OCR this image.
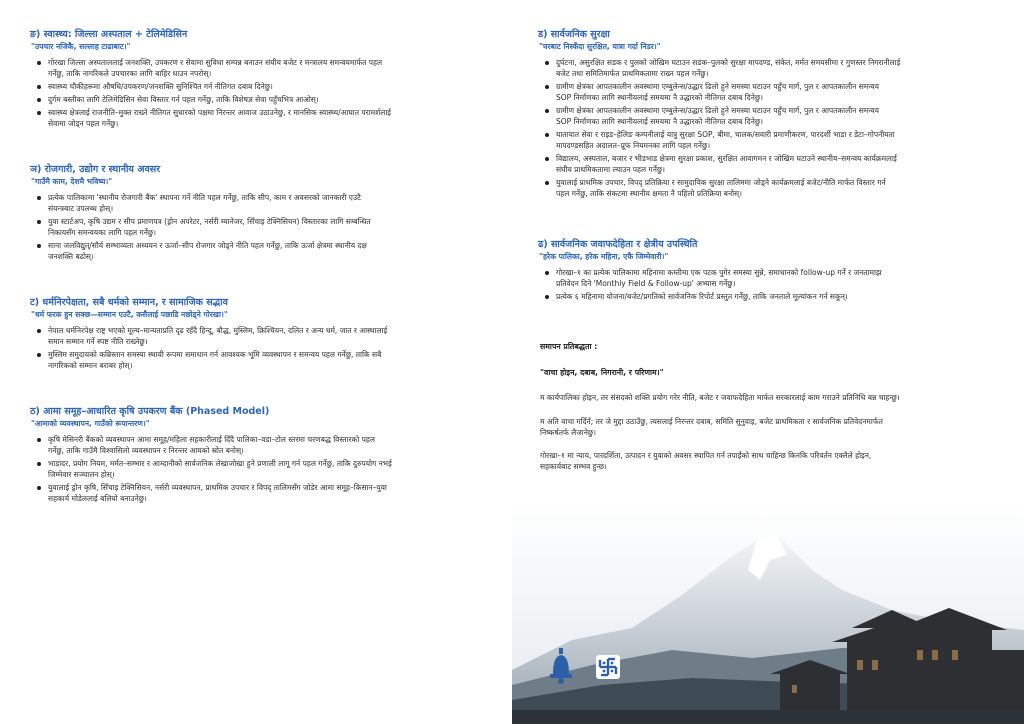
ङ) स्वास्थ्य: जिल्ला अस्पताल + टेलिमेडिसिन
"उपचार नजिकै, सल्लाह टाढाबाट।"
गोरखा जिल्ला अस्पताललाई जनशक्ति, उपकरण र सेवामा सुविधा सम्पन्न बनाउन संघीय बजेट र मन्त्रालय समन्वयमार्फत पहल
गर्नेछु, ताकि नागरिकले उपचारका लागि बाहिर धाउन नपरोस्।
स्वास्थ्य चौकीहरूमा औषधि/उपकरण/जनशक्ति सुनिश्चित गर्न नीतिगत दबाब दिनेछु।
दुर्गम बस्तीका लागि टेलिमेडिसिन सेवा विस्तार गर्न पहल गर्नेछु, ताकि विशेषज्ञ सेवा पहुँचभित्र आओस्।
स्वास्थ्य क्षेत्रलाई राजनीति–मुक्त राख्ने नीतिगत सुधारको पक्षमा निरन्तर आवाज उठाउनेछु, र मानसिक स्वास्थ्य/आघात परामर्शलाई
सेवामा जोड्न पहल गर्नेछु।
ञ) रोजगारी, उद्योग र स्थानीय अवसर
"गाउँमै काम, देशमै भविष्य।"
प्रत्येक पालिकामा 'स्थानीय रोजगारी बैंक' स्थापना गर्ने नीति पहल गर्नेछु, ताकि सीप, काम र अवसरको जानकारी एउटै
संयन्त्रबाट उपलब्ध होस्।
युवा स्टार्टअप, कृषि उद्यम र सीप प्रमाणपत्र (ड्रोन अपरेटर, नर्सरी म्यानेजर, सिँचाइ टेक्निसियन) विस्तारका लागि सम्बन्धित
निकायसँग समन्वयका लागि पहल गर्नेछु।
साना जलविद्युत्/सौर्य सम्भाव्यता अध्ययन र ऊर्जा–सीप रोजगार जोड्ने नीति पहल गर्नेछु, ताकि ऊर्जा क्षेत्रमा स्थानीय दक्ष
जनशक्ति बढोस्।
ट) धर्मनिरपेक्षता, सबै धर्मको सम्मान, र सामाजिक सद्भाव
"धर्म फरक हुन सक्छ—सम्मान एउटै, कसैलाई पछाडि नछोड्ने गोरखा।"
नेपाल धर्मनिरपेक्ष राष्ट्र भएको मूल्य–मान्यताप्रति दृढ रहँदै हिन्दू, बौद्ध, मुस्लिम, क्रिश्चियन, दलित र अन्य धर्म, जात र आस्थालाई
समान सम्मान गर्ने स्पष्ट नीति राख्नेछु।
मुस्लिम समुदायको कब्रिस्तान समस्या स्थायी रूपमा समाधान गर्न आवश्यक भूमि व्यवस्थापन र समन्वय पहल गर्नेछु, ताकि सबै
नागरिकको सम्मान बराबर होस्।
ठ) आमा समूह–आधारित कृषि उपकरण बैंक (Phased Model)
"आमाको व्यवस्थापन, गाउँको रूपान्तरण।"
कृषि मेसिनरी बैंकको व्यवस्थापन आमा समूह/महिला सहकारीलाई दिँदै पालिका–वडा–टोल स्तरमा चरणबद्ध विस्तारको पहल
गर्नेछु, ताकि गाउँमै विश्वासिलो व्यवस्थापन र निरन्तर आयको स्रोत बनोस्।
भाडादर, प्रयोग नियम, मर्मत–सम्भार र आम्दानीको सार्वजनिक लेखाजोखा हुने प्रणाली लागू गर्न पहल गर्नेछु, ताकि दुरुपयोग नभई
जिम्मेवार सञ्चालन होस्।
युवालाई ड्रोन कृषि, सिँचाइ टेक्निसियन, नर्सरी व्यवस्थापन, प्राथमिक उपचार र विपद् तालिमसँग जोडेर आमा समूह–किसान–युवा
सहकार्य मोडेललाई बलियो बनाउनेछु।
ड) सार्वजनिक सुरक्षा
"घरबाट निस्कँदा सुरक्षित, यात्रा गर्दा निडर।"
दुर्घटना, असुरक्षित सडक र पुलको जोखिम घटाउन सडक–पुलको सुरक्षा मापदण्ड, संकेत, मर्मत समयसीमा र गुणस्तर निगरानीलाई
बजेट तथा समितिमार्फत प्राथमिकतामा राख्न पहल गर्नेछु।
ग्रामीण क्षेत्रका आपतकालीन अवस्थामा एम्बुलेन्स/उद्धार ढिलो हुने समस्या घटाउन पहुँच मार्ग, पुल र आपतकालीन समन्वय
SOP निर्माणका लागि स्थानीयलाई समयमा नै उद्धारको नीतिगत दबाब दिनेछु।
ग्रामीण क्षेत्रका आपतकालीन अवस्थामा एम्बुलेन्स/उद्धार ढिलो हुने समस्या घटाउन पहुँच मार्ग, पुल र आपतकालीन समन्वय
SOP निर्माणका लागि स्थानीयलाई समयमा नै उद्धारको नीतिगत दबाब दिनेछु।
यातायात सेवा र राइड–हेलिङ कम्पनीलाई यात्रु सुरक्षा SOP, बीमा, चालक/सवारी प्रमाणीकरण, पारदर्शी भाडा र डेटा–गोपनीयता
मापदण्डसहित अदालत–प्रूफ नियमनका लागि पहल गर्नेछु।
विद्यालय, अस्पताल, बजार र भीडभाड क्षेत्रमा सुरक्षा प्रकाश, सुरक्षित आवागमन र जोखिम घटाउने स्थानीय–समन्वय कार्यक्रमलाई
संघीय प्राथमिकतामा ल्याउन पहल गर्नेछु।
युवालाई प्राथमिक उपचार, विपद् प्रतिक्रिया र सामुदायिक सुरक्षा तालिममा जोड्ने कार्यक्रमलाई बजेट/नीति मार्फत विस्तार गर्न
पहल गर्नेछु, ताकि संकटमा स्थानीय क्षमता नै पहिलो प्रतिक्रिया बनोस्।
ढ) सार्वजनिक जवाफदेहिता र क्षेत्रीय उपस्थिति
"हरेक पालिका, हरेक महिना, एकै जिम्मेवारी।"
गोरखा–१ का प्रत्येक पालिकामा महिनामा कम्तीमा एक पटक पुगेर समस्या सुन्ने, समाधानको follow-up गर्ने र जनतामाझ
प्रतिवेदन दिने 'Monthly Field & Follow-up' अभ्यास गर्नेछु।
प्रत्येक ६ महिनामा योजना/बजेट/प्रगतिको सार्वजनिक रिपोर्ट प्रस्तुत गर्नेछु, ताकि जनताले मूल्यांकन गर्न सकून्।
समापन प्रतिबद्धता :
"वाचा होइन, दबाब, निगरानी, र परिणाम।"
म कार्यपालिका होइन, तर संसदको शक्ति प्रयोग गरेर नीति, बजेट र जवाफदेहिता मार्फत सरकारलाई काम गराउने प्रतिनिधि बन्न चाहन्छु।
म अति वाचा गर्दिनँ; तर जे मुद्दा उठाउँछु, त्यसलाई निरन्तर दबाब, समिति सुनुवाइ, बजेट प्राथमिकता र सार्वजनिक प्रतिवेदनमार्फत
निष्कर्षतर्फ लैजानेछु।
गोरखा–१ मा न्याय, पारदर्शिता, उत्पादन र युवाको अवसर स्थापित गर्न तपाईंको साथ चाहिन्छ किनकि परिवर्तन एक्लैले होइन,
सहकार्यबाट सम्भव हुन्छ।
